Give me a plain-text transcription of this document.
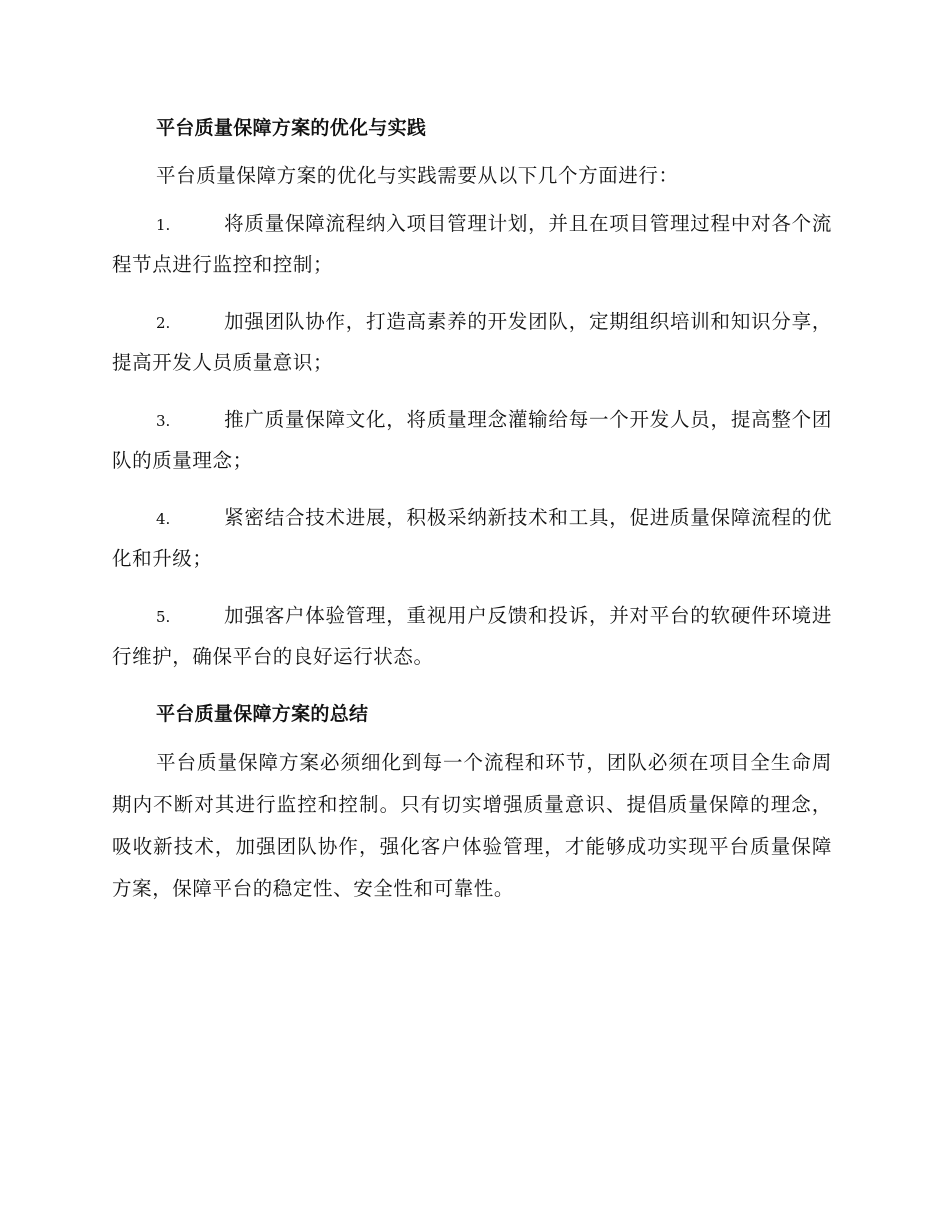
平台质量保障方案的优化与实践
平台质量保障方案的优化与实践需要从以下几个方面进行：
1.	将质量保障流程纳入项目管理计划，并且在项目管理过程中对各个流程节点进行监控和控制；
2.	加强团队协作，打造高素养的开发团队，定期组织培训和知识分享，提高开发人员质量意识；
3.	推广质量保障文化，将质量理念灌输给每一个开发人员，提高整个团队的质量理念；
4.	紧密结合技术进展，积极采纳新技术和工具，促进质量保障流程的优化和升级；
5.	加强客户体验管理，重视用户反馈和投诉，并对平台的软硬件环境进行维护，确保平台的良好运行状态。
平台质量保障方案的总结
平台质量保障方案必须细化到每一个流程和环节，团队必须在项目全生命周期内不断对其进行监控和控制。只有切实增强质量意识、提倡质量保障的理念，吸收新技术，加强团队协作，强化客户体验管理，才能够成功实现平台质量保障方案，保障平台的稳定性、安全性和可靠性。
